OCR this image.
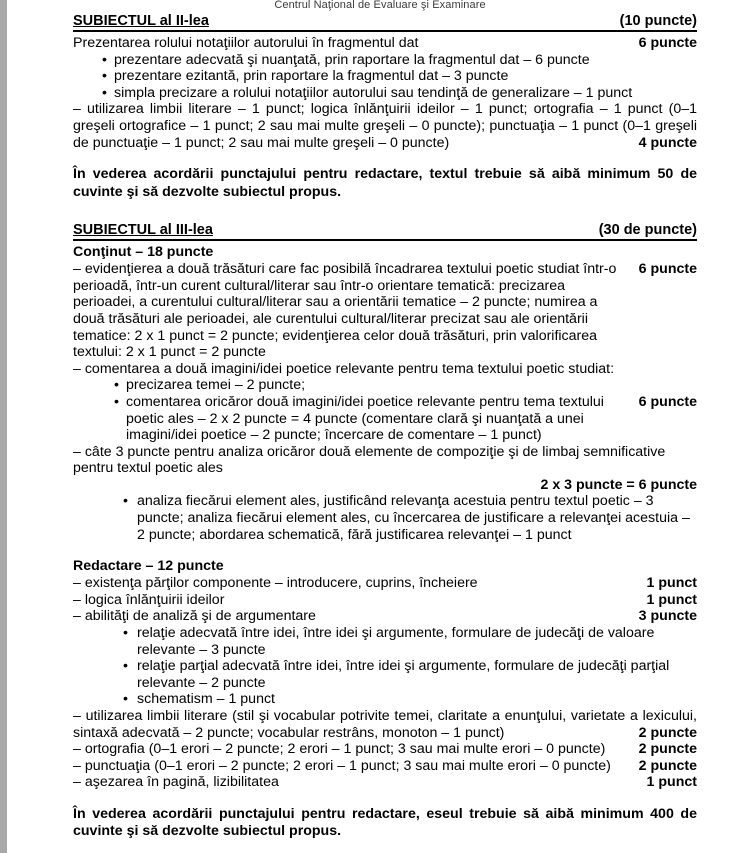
Centrul Naţional de Evaluare şi Examinare
SUBIECTUL al II-lea	(10 puncte)
Prezentarea rolului notaţiilor autorului în fragmentul dat	6 puncte
• prezentare adecvată şi nuanţată, prin raportare la fragmentul dat – 6 puncte
• prezentare ezitantă, prin raportare la fragmentul dat – 3 puncte
• simpla precizare a rolului notaţiilor autorului sau tendinţă de generalizare – 1 punct

– utilizarea limbii literare – 1 punct; logica înlănţuirii ideilor – 1 punct; ortografia – 1 punct (0–1

greşeli ortografice – 1 punct; 2 sau mai multe greşeli – 0 puncte); punctuaţia – 1 punct (0–1 greşeli

de punctuaţie – 1 punct; 2 sau mai multe greşeli – 0 puncte)	4 puncte

În vederea acordării punctajului pentru redactare, textul trebuie să aibă minimum 50 de
cuvinte şi să dezvolte subiectul propus.

SUBIECTUL al III-lea	(30 de puncte)

Conţinut – 18 puncte

– evidenţierea a două trăsături care fac posibilă încadrarea textului poetic studiat într-o perioadă, într-un curent cultural/literar sau într-o orientare tematică: precizarea perioadei, a curentului cultural/literar sau a orientării tematice – 2 puncte; numirea a două trăsături ale perioadei, ale curentului cultural/literar precizat sau ale orientării tematice: 2 x 1 punct = 2 puncte; evidenţierea celor două trăsături, prin valorificarea textului: 2 x 1 punct = 2 puncte
6 puncte

– comentarea a două imagini/idei poetice relevante pentru tema textului poetic studiat:

• precizarea temei – 2 puncte;
• comentarea oricăror două imagini/idei poetice relevante pentru tema textului poetic ales – 2 x 2 puncte = 4 puncte (comentare clară şi nuanţată a unei imagini/idei poetice – 2 puncte; încercare de comentare – 1 punct)
6 puncte
– câte 3 puncte pentru analiza oricăror două elemente de compoziţie şi de limbaj semnificative pentru textul poetic ales

2 x 3 puncte = 6 puncte

• analiza fiecărui element ales, justificând relevanţa acestuia pentru textul poetic – 3 puncte; analiza fiecărui element ales, cu încercarea de justificare a relevanţei acestuia – 2 puncte; abordarea schematică, fără justificarea relevanţei – 1 punct

Redactare – 12 puncte

– existenţa părţilor componente – introducere, cuprins, încheiere	1 punct
– logica înlănţuirii ideilor	1 punct
– abilităţi de analiză şi de argumentare	3 puncte
• relaţie adecvată între idei, între idei şi argumente, formulare de judecăţi de valoare relevante – 3 puncte
• relaţie parţial adecvată între idei, între idei şi argumente, formulare de judecăţi parţial relevante – 2 puncte
• schematism – 1 punct

– utilizarea limbii literare (stil şi vocabular potrivite temei, claritate a enunţului, varietate a lexicului,

sintaxă adecvată – 2 puncte; vocabular restrâns, monoton – 1 punct)	2 puncte
– ortografia (0–1 erori – 2 puncte; 2 erori – 1 punct; 3 sau mai multe erori – 0 puncte)	2 puncte
– punctuaţia (0–1 erori – 2 puncte; 2 erori – 1 punct; 3 sau mai multe erori – 0 puncte)	2 puncte
– aşezarea în pagină, lizibilitatea	1 punct

În vederea acordării punctajului pentru redactare, eseul trebuie să aibă minimum 400 de
cuvinte şi să dezvolte subiectul propus.
